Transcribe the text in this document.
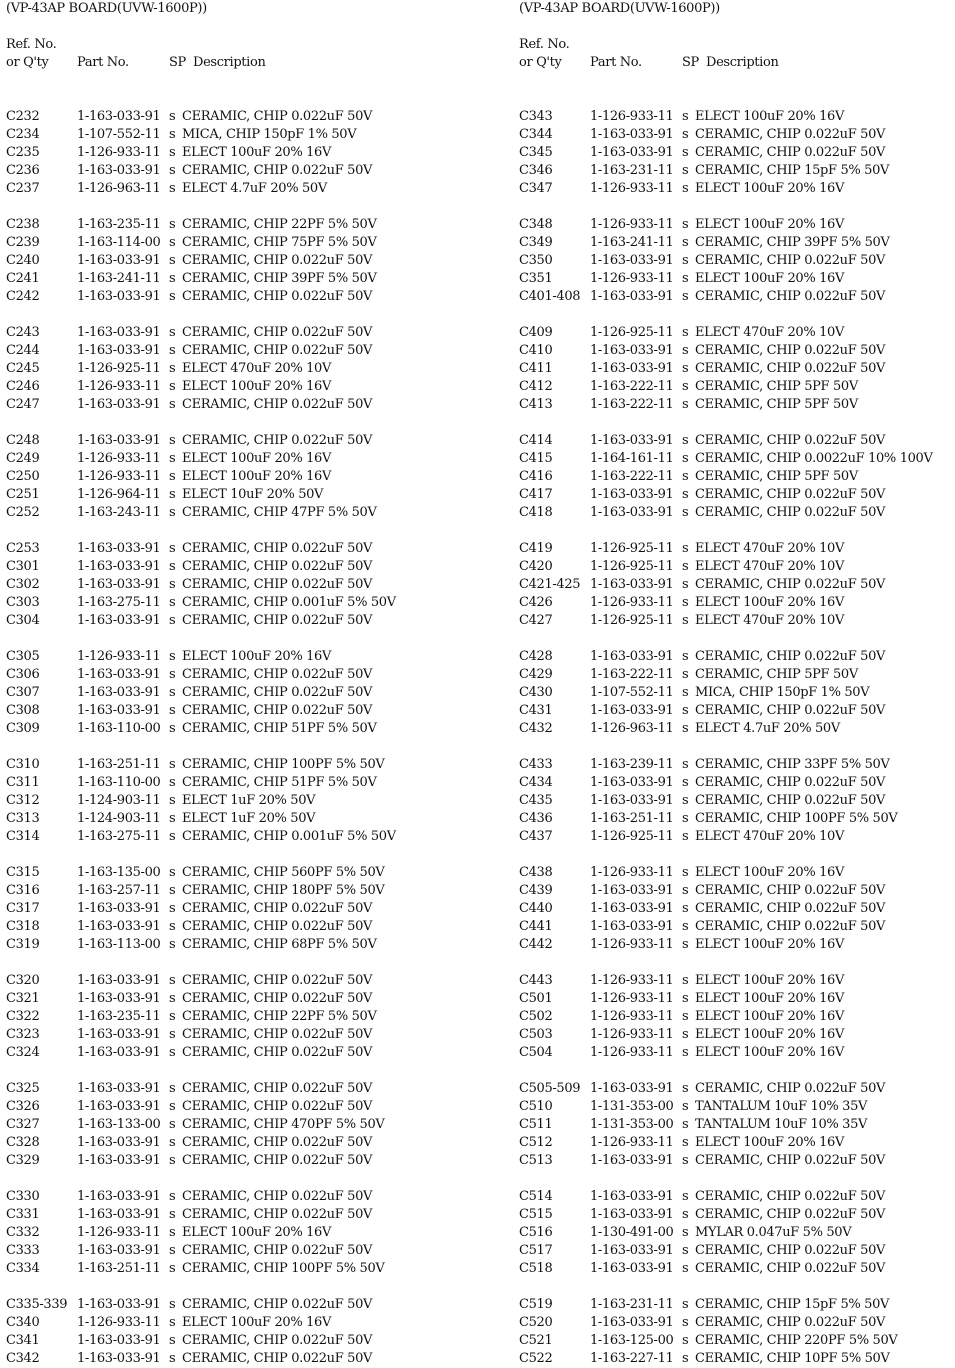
(VP-43AP BOARD(UVW-1600P))
Ref. No.
or Q'ty	Part No.	SP Description
C232	1-163-033-91 s CERAMIC, CHIP 0.022uF 50V
C234	1-107-552-11 s MICA, CHIP 150pF 1% 50V
C235	1-126-933-11 s ELECT 100uF 20% 16V
C236	1-163-033-91 s CERAMIC, CHIP 0.022uF 50V
C237	1-126-963-11 s ELECT 4.7uF 20% 50V
C238	1-163-235-11 s CERAMIC, CHIP 22PF 5% 50V
C239	1-163-114-00 s CERAMIC, CHIP 75PF 5% 50V
C240	1-163-033-91 s CERAMIC, CHIP 0.022uF 50V
C241	1-163-241-11 s CERAMIC, CHIP 39PF 5% 50V
C242	1-163-033-91 s CERAMIC, CHIP 0.022uF 50V
C243	1-163-033-91 s CERAMIC, CHIP 0.022uF 50V
C244	1-163-033-91 s CERAMIC, CHIP 0.022uF 50V
C245	1-126-925-11 s ELECT 470uF 20% 10V
C246	1-126-933-11 s ELECT 100uF 20% 16V
C247	1-163-033-91 s CERAMIC, CHIP 0.022uF 50V
C248	1-163-033-91 s CERAMIC, CHIP 0.022uF 50V
C249	1-126-933-11 s ELECT 100uF 20% 16V
C250	1-126-933-11 s ELECT 100uF 20% 16V
C251	1-126-964-11 s ELECT 10uF 20% 50V
C252	1-163-243-11 s CERAMIC, CHIP 47PF 5% 50V
C253	1-163-033-91 s CERAMIC, CHIP 0.022uF 50V
C301	1-163-033-91 s CERAMIC, CHIP 0.022uF 50V
C302	1-163-033-91 s CERAMIC, CHIP 0.022uF 50V
C303	1-163-275-11 s CERAMIC, CHIP 0.001uF 5% 50V
C304	1-163-033-91 s CERAMIC, CHIP 0.022uF 50V
C305	1-126-933-11 s ELECT 100uF 20% 16V
C306	1-163-033-91 s CERAMIC, CHIP 0.022uF 50V
C307	1-163-033-91 s CERAMIC, CHIP 0.022uF 50V
C308	1-163-033-91 s CERAMIC, CHIP 0.022uF 50V
C309	1-163-110-00 s CERAMIC, CHIP 51PF 5% 50V
C310	1-163-251-11 s CERAMIC, CHIP 100PF 5% 50V
C311	1-163-110-00 s CERAMIC, CHIP 51PF 5% 50V
C312	1-124-903-11 s ELECT 1uF 20% 50V
C313	1-124-903-11 s ELECT 1uF 20% 50V
C314	1-163-275-11 s CERAMIC, CHIP 0.001uF 5% 50V
C315	1-163-135-00 s CERAMIC, CHIP 560PF 5% 50V
C316	1-163-257-11 s CERAMIC, CHIP 180PF 5% 50V
C317	1-163-033-91 s CERAMIC, CHIP 0.022uF 50V
C318	1-163-033-91 s CERAMIC, CHIP 0.022uF 50V
C319	1-163-113-00 s CERAMIC, CHIP 68PF 5% 50V
C320	1-163-033-91 s CERAMIC, CHIP 0.022uF 50V
C321	1-163-033-91 s CERAMIC, CHIP 0.022uF 50V
C322	1-163-235-11 s CERAMIC, CHIP 22PF 5% 50V
C323	1-163-033-91 s CERAMIC, CHIP 0.022uF 50V
C324	1-163-033-91 s CERAMIC, CHIP 0.022uF 50V
C325	1-163-033-91 s CERAMIC, CHIP 0.022uF 50V
C326	1-163-033-91 s CERAMIC, CHIP 0.022uF 50V
C327	1-163-133-00 s CERAMIC, CHIP 470PF 5% 50V
C328	1-163-033-91 s CERAMIC, CHIP 0.022uF 50V
C329	1-163-033-91 s CERAMIC, CHIP 0.022uF 50V
C330	1-163-033-91 s CERAMIC, CHIP 0.022uF 50V
C331	1-163-033-91 s CERAMIC, CHIP 0.022uF 50V
C332	1-126-933-11 s ELECT 100uF 20% 16V
C333	1-163-033-91 s CERAMIC, CHIP 0.022uF 50V
C334	1-163-251-11 s CERAMIC, CHIP 100PF 5% 50V
C335-339 1-163-033-91 s CERAMIC, CHIP 0.022uF 50V
C340	1-126-933-11 s ELECT 100uF 20% 16V
C341	1-163-033-91 s CERAMIC, CHIP 0.022uF 50V
C342	1-163-033-91 s CERAMIC, CHIP 0.022uF 50V
(VP-43AP BOARD(UVW-1600P))
Ref. No.
or Q'ty	Part No.	SP Description
C343	1-126-933-11 s ELECT 100uF 20% 16V
C344	1-163-033-91 s CERAMIC, CHIP 0.022uF 50V
C345	1-163-033-91 s CERAMIC, CHIP 0.022uF 50V
C346	1-163-231-11 s CERAMIC, CHIP 15pF 5% 50V
C347	1-126-933-11 s ELECT 100uF 20% 16V
C348	1-126-933-11 s ELECT 100uF 20% 16V
C349	1-163-241-11 s CERAMIC, CHIP 39PF 5% 50V
C350	1-163-033-91 s CERAMIC, CHIP 0.022uF 50V
C351	1-126-933-11 s ELECT 100uF 20% 16V
C401-408 1-163-033-91 s CERAMIC, CHIP 0.022uF 50V
C409	1-126-925-11 s ELECT 470uF 20% 10V
C410	1-163-033-91 s CERAMIC, CHIP 0.022uF 50V
C411	1-163-033-91 s CERAMIC, CHIP 0.022uF 50V
C412	1-163-222-11 s CERAMIC, CHIP 5PF 50V
C413	1-163-222-11 s CERAMIC, CHIP 5PF 50V
C414	1-163-033-91 s CERAMIC, CHIP 0.022uF 50V
C415	1-164-161-11 s CERAMIC, CHIP 0.0022uF 10% 100V
C416	1-163-222-11 s CERAMIC, CHIP 5PF 50V
C417	1-163-033-91 s CERAMIC, CHIP 0.022uF 50V
C418	1-163-033-91 s CERAMIC, CHIP 0.022uF 50V
C419	1-126-925-11 s ELECT 470uF 20% 10V
C420	1-126-925-11 s ELECT 470uF 20% 10V
C421-425 1-163-033-91 s CERAMIC, CHIP 0.022uF 50V
C426	1-126-933-11 s ELECT 100uF 20% 16V
C427	1-126-925-11 s ELECT 470uF 20% 10V
C428	1-163-033-91 s CERAMIC, CHIP 0.022uF 50V
C429	1-163-222-11 s CERAMIC, CHIP 5PF 50V
C430	1-107-552-11 s MICA, CHIP 150pF 1% 50V
C431	1-163-033-91 s CERAMIC, CHIP 0.022uF 50V
C432	1-126-963-11 s ELECT 4.7uF 20% 50V
C433	1-163-239-11 s CERAMIC, CHIP 33PF 5% 50V
C434	1-163-033-91 s CERAMIC, CHIP 0.022uF 50V
C435	1-163-033-91 s CERAMIC, CHIP 0.022uF 50V
C436	1-163-251-11 s CERAMIC, CHIP 100PF 5% 50V
C437	1-126-925-11 s ELECT 470uF 20% 10V
C438	1-126-933-11 s ELECT 100uF 20% 16V
C439	1-163-033-91 s CERAMIC, CHIP 0.022uF 50V
C440	1-163-033-91 s CERAMIC, CHIP 0.022uF 50V
C441	1-163-033-91 s CERAMIC, CHIP 0.022uF 50V
C442	1-126-933-11 s ELECT 100uF 20% 16V
C443	1-126-933-11 s ELECT 100uF 20% 16V
C501	1-126-933-11 s ELECT 100uF 20% 16V
C502	1-126-933-11 s ELECT 100uF 20% 16V
C503	1-126-933-11 s ELECT 100uF 20% 16V
C504	1-126-933-11 s ELECT 100uF 20% 16V
C505-509 1-163-033-91 s CERAMIC, CHIP 0.022uF 50V
C510	1-131-353-00 s TANTALUM 10uF 10% 35V
C511	1-131-353-00 s TANTALUM 10uF 10% 35V
C512	1-126-933-11 s ELECT 100uF 20% 16V
C513	1-163-033-91 s CERAMIC, CHIP 0.022uF 50V
C514	1-163-033-91 s CERAMIC, CHIP 0.022uF 50V
C515	1-163-033-91 s CERAMIC, CHIP 0.022uF 50V
C516	1-130-491-00 s MYLAR 0.047uF 5% 50V
C517	1-163-033-91 s CERAMIC, CHIP 0.022uF 50V
C518	1-163-033-91 s CERAMIC, CHIP 0.022uF 50V
C519	1-163-231-11 s CERAMIC, CHIP 15pF 5% 50V
C520	1-163-033-91 s CERAMIC, CHIP 0.022uF 50V
C521	1-163-125-00 s CERAMIC, CHIP 220PF 5% 50V
C522	1-163-227-11 s CERAMIC, CHIP 10PF 5% 50V
